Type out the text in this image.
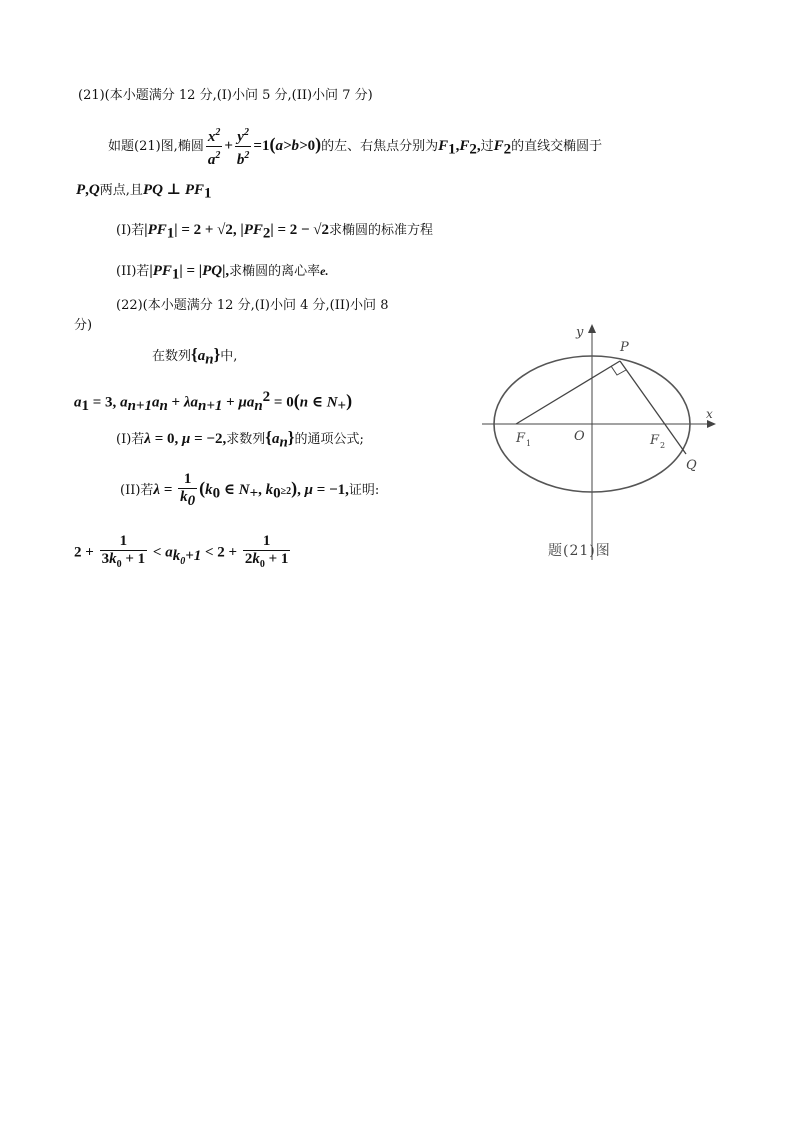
(21)(本小题满分 12 分,(I)小问 5 分,(II)小问 7 分)
如题(21)图,椭圆 $\frac{x^2}{a^2} + \frac{y^2}{b^2} =1(a>b>0)$的左、右焦点分别为$F_1,F_2$,过$F_2$的直线交椭圆于
P,Q两点,且PQ ⊥ $PF_1$
(I)若$|PF_1| = 2 + √2$, $|PF_2| = 2 - √2$求椭圆的标准方程
(II)若$|PF_1| = |PQ|$,求椭圆的离心率e.
(22)(本小题满分 12 分,(I)小问 4 分,(II)小问 8
分)
在数列$\{a_n\}$中,
$a_1 = 3$, $a_{n+1}a_n + \lambda a_{n+1} + \mu a_n^2 = 0(n$ ∈ $N_+$)
(I)若λ = 0, μ = −2,求数列$\{a_n\}$的通项公式;
(II)若$\lambda = \frac{1}{k_0} (k_0$ ∈ $N_+$, $k_0\ge 2$), μ = −1,证明:
$2 + \frac{1}{3k_0 + 1} < a_{k_0+1} < 2 + \frac{1}{2k_0 + 1}$
y
x
P
O
F 1	F 2
Q
题(21)图
